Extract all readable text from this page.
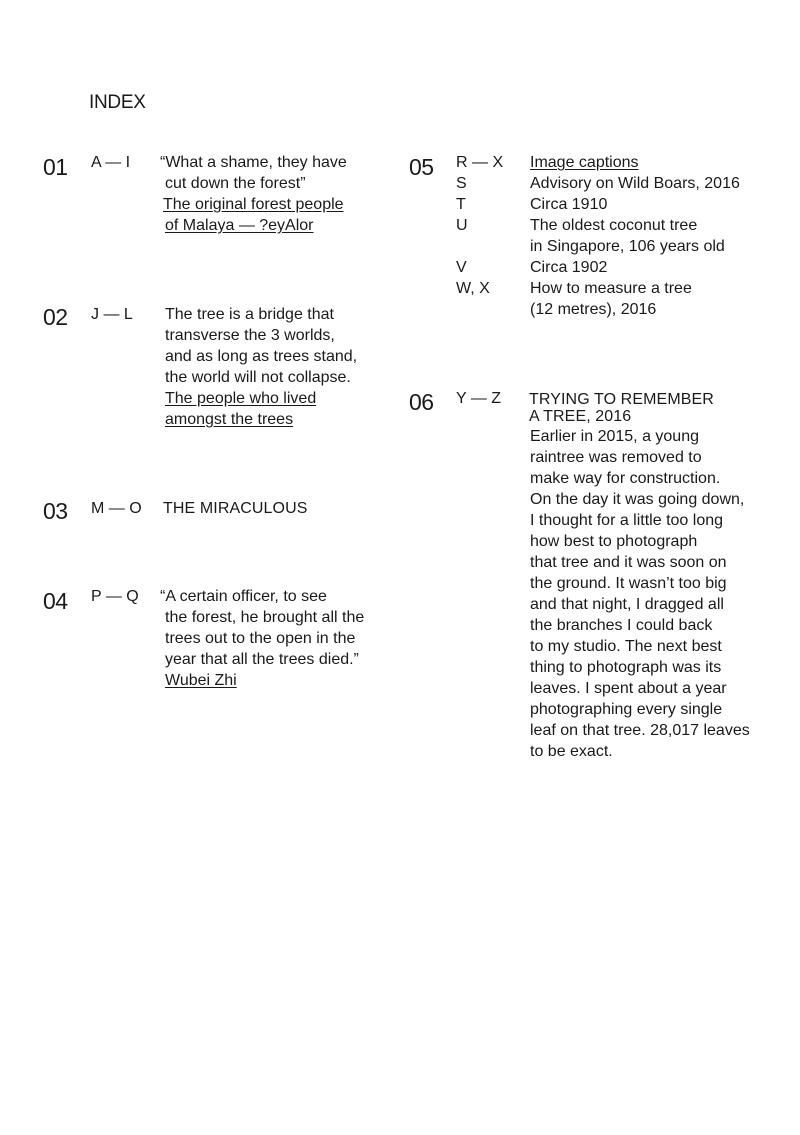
INDEX
01 A — I “What a shame, they have
cut down the forest”
The original forest people
of Malaya — ?eyAlor
02 J — L The tree is a bridge that
transverse the 3 worlds,
and as long as trees stand,
the world will not collapse.
The people who lived
amongst the trees
03 M — O THE MIRACULOUS
04 P — Q “A certain officer, to see
the forest, he brought all the
trees out to the open in the
year that all the trees died.”
Wubei Zhi
05 R — X	Image captions
S	Advisory on Wild Boars, 2016
T	Circa 1910
U	The oldest coconut tree
in Singapore, 106 years old
V	Circa 1902
W, X	How to measure a tree
(12 metres), 2016
06 Y — Z TRYING TO REMEMBER
A TREE, 2016
Earlier in 2015, a young
raintree was removed to
make way for construction.
On the day it was going down,
I thought for a little too long
how best to photograph
that tree and it was soon on
the ground. It wasn’t too big
and that night, I dragged all
the branches I could back
to my studio. The next best
thing to photograph was its
leaves. I spent about a year
photographing every single
leaf on that tree. 28,017 leaves
to be exact.
